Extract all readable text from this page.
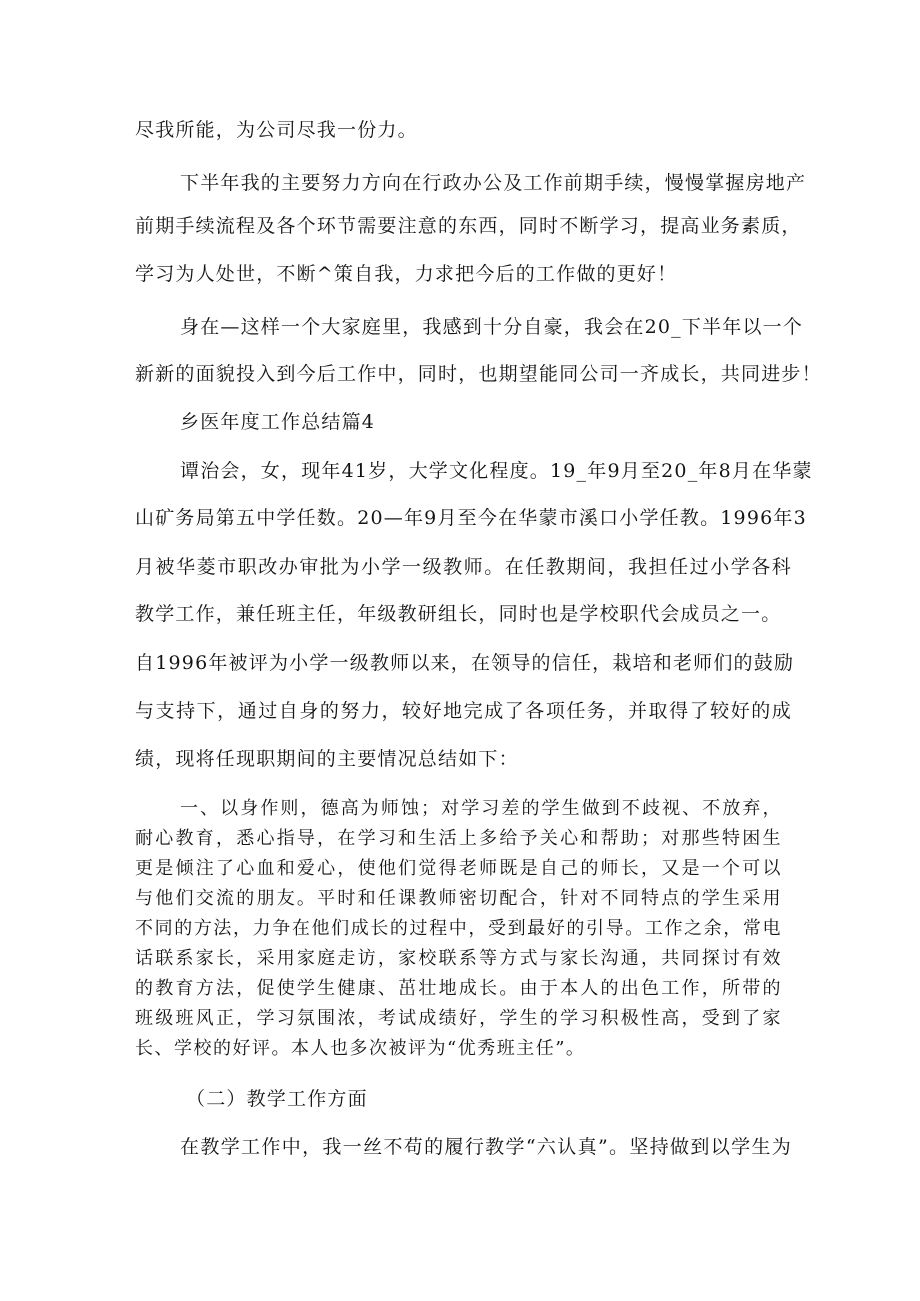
尽我所能，为公司尽我一份力。

下半年我的主要努力方向在行政办公及工作前期手续，慢慢掌握房地产

前期手续流程及各个环节需要注意的东西，同时不断学习，提高业务素质，

学习为人处世，不断^策自我，力求把今后的工作做的更好！

身在—这样一个大家庭里，我感到十分自豪，我会在20_下半年以一个

新新的面貌投入到今后工作中，同时，也期望能同公司一齐成长，共同进步！

乡医年度工作总结篇4

谭治会，女，现年41岁，大学文化程度。19_年9月至20_年8月在华蒙

山矿务局第五中学任数。20—年9月至今在华蒙市溪口小学任教。1996年3

月被华菱市职改办审批为小学一级教师。在任教期间，我担任过小学各科

教学工作，兼任班主任，年级教研组长，同时也是学校职代会成员之一。

自1996年被评为小学一级教师以来，在领导的信任，栽培和老师们的鼓励

与支持下，通过自身的努力，较好地完成了各项任务，并取得了较好的成

绩，现将任现职期间的主要情况总结如下：

一、以身作则，德高为师蚀；对学习差的学生做到不歧视、不放弃，

耐心教育，悉心指导，在学习和生活上多给予关心和帮助；对那些特困生

更是倾注了心血和爱心，使他们觉得老师既是自己的师长，又是一个可以

与他们交流的朋友。平时和任课教师密切配合，针对不同特点的学生采用

不同的方法，力争在他们成长的过程中，受到最好的引导。工作之余，常电

话联系家长，采用家庭走访，家校联系等方式与家长沟通，共同探讨有效

的教育方法，促使学生健康、茁壮地成长。由于本人的出色工作，所带的

班级班风正，学习氛围浓，考试成绩好，学生的学习积极性高，受到了家

长、学校的好评。本人也多次被评为“优秀班主任”。

（二）教学工作方面

在教学工作中，我一丝不苟的履行教学“六认真”。坚持做到以学生为
